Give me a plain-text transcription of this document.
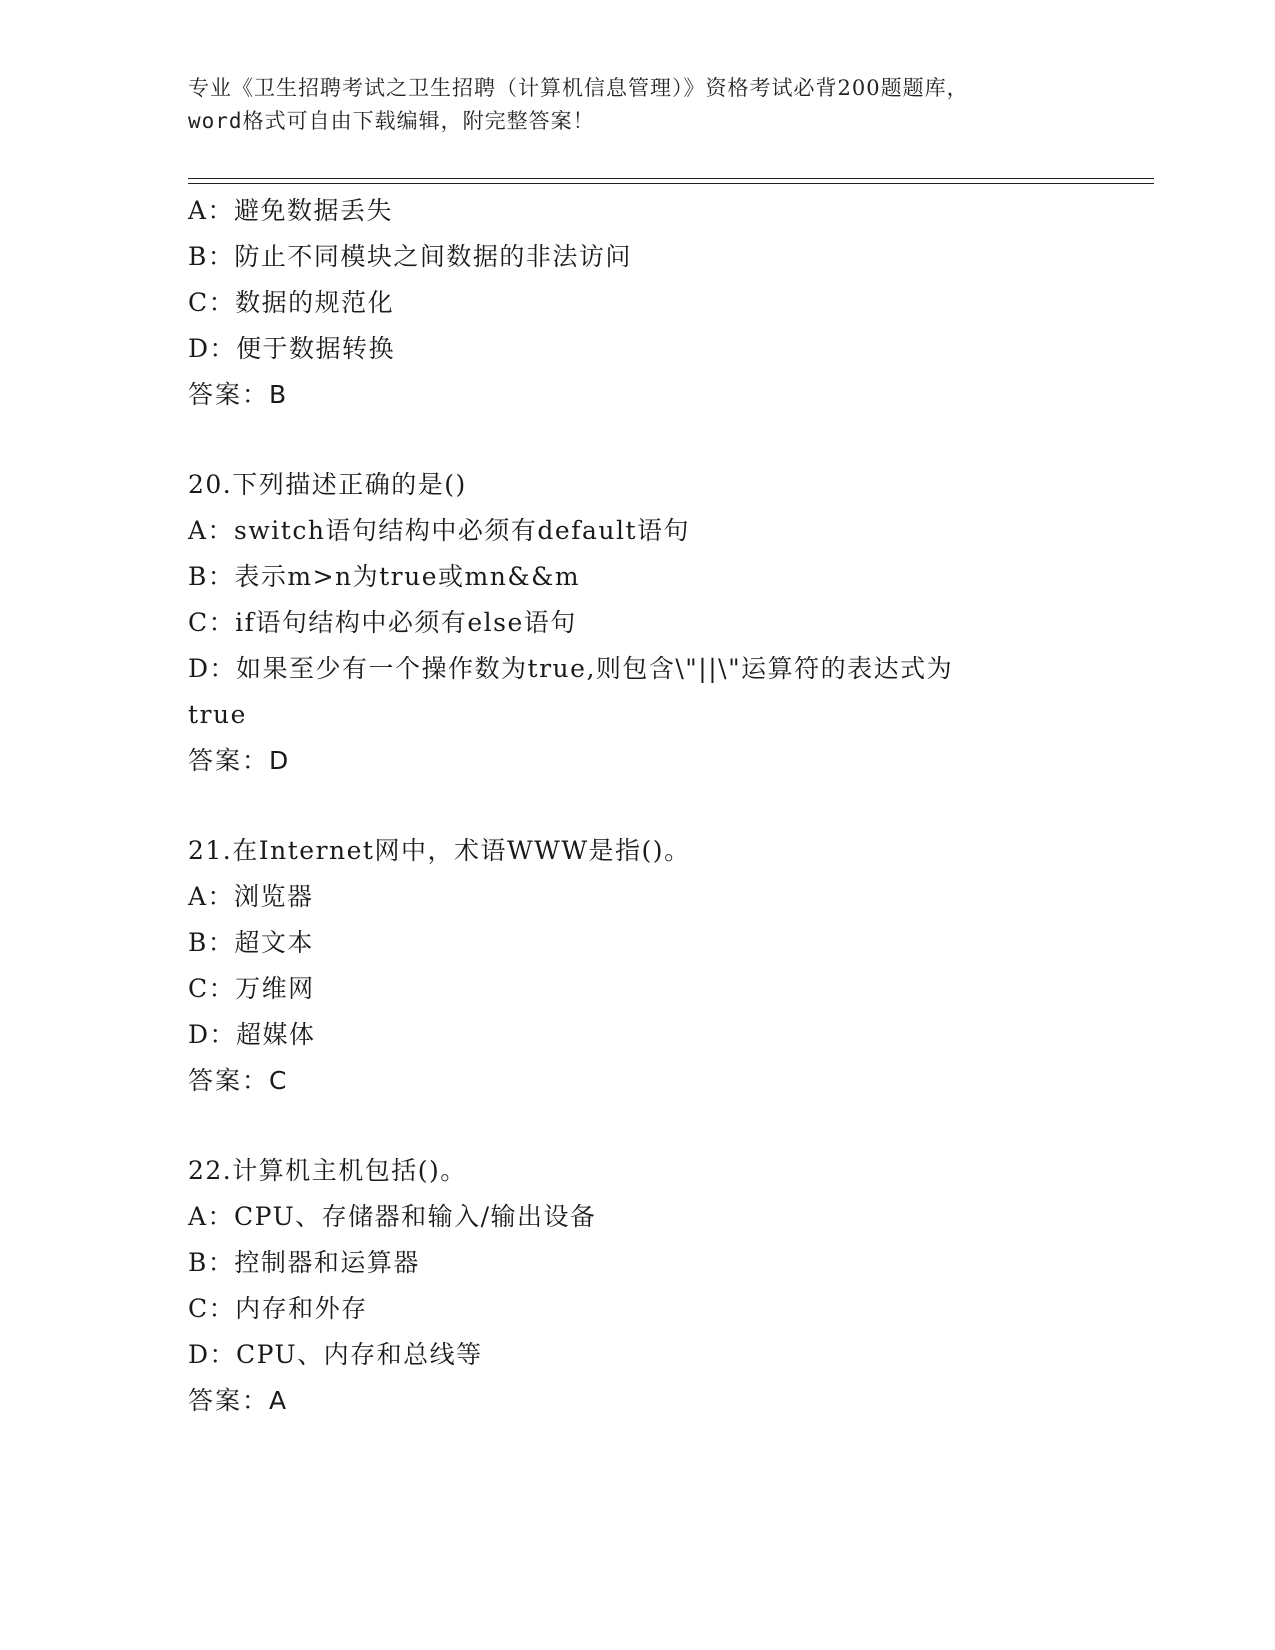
专业《卫生招聘考试之卫生招聘（计算机信息管理）》资格考试必背200题题库，
word格式可自由下载编辑，附完整答案！
A：避免数据丢失
B：防止不同模块之间数据的非法访问
C：数据的规范化
D：便于数据转换
答案：B
20.下列描述正确的是()
A：switch语句结构中必须有default语句
B：表示m>n为true或mn&&m
C：if语句结构中必须有else语句
D：如果至少有一个操作数为true,则包含\"||\"运算符的表达式为
true
答案：D
21.在Internet网中，术语WWW是指()。
A：浏览器
B：超文本
C：万维网
D：超媒体
答案：C
22.计算机主机包括()。
A：CPU、存储器和输入/输出设备
B：控制器和运算器
C：内存和外存
D：CPU、内存和总线等
答案：A
